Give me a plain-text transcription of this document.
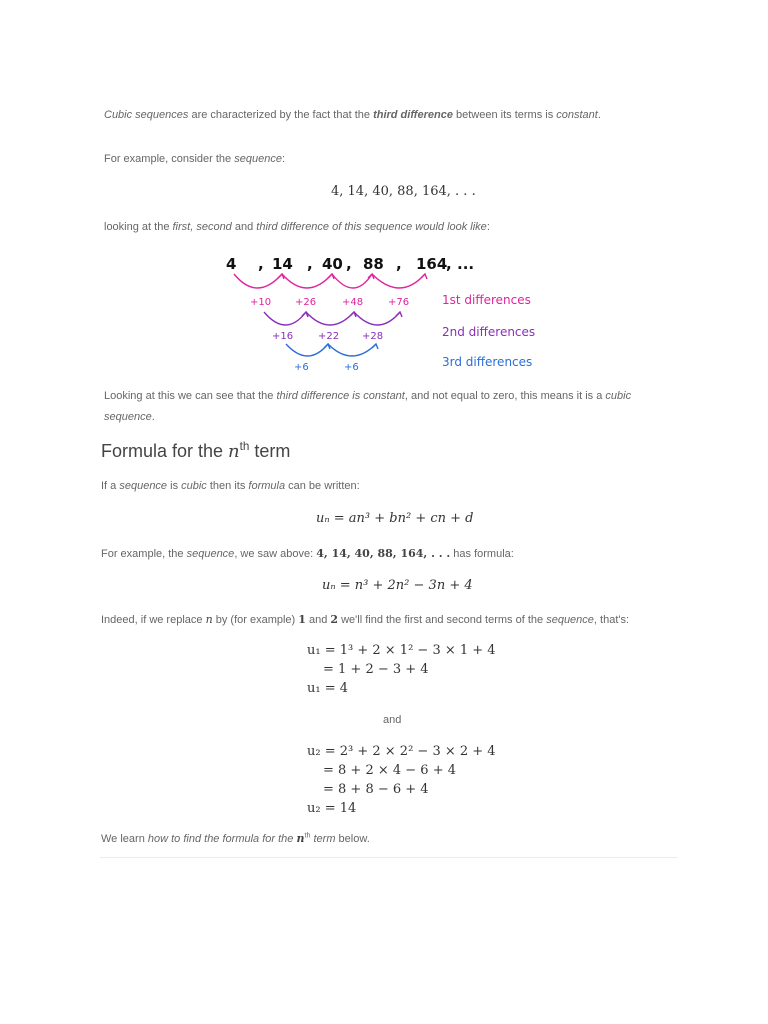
Cubic sequences are characterized by the fact that the third difference between its terms is constant.
For example, consider the sequence:
4, 14, 40, 88, 164, . . .
looking at the first, second and third difference of this sequence would look like:
4 , 14 , 40 , 88 , 164
, ...
+10 +26	+48 +76
+16 +22 +28
+6	+6
1st differences
2nd differences
3rd differences
Looking at this we can see that the third difference is constant, and not equal to zero, this means it is a cubic
sequence.
Formula for the $n^{th}$ term
If a sequence is cubic then its formula can be written:
uₙ = an³ + bn² + cn + d
For example, the sequence, we saw above: 4, 14, 40, 88, 164, . . . has formula:
uₙ = n³ + 2n² − 3n + 4
Indeed, if we replace n by (for example) 1 and 2 we'll find the first and second terms of the sequence, that's:
u₁ = 1³ + 2 × 1² − 3 × 1 + 4
= 1 + 2 − 3 + 4
u₁ = 4
and
u₂ = 2³ + 2 × 2² − 3 × 2 + 4
= 8 + 2 × 4 − 6 + 4
= 8 + 8 − 6 + 4
u₂ = 14
We learn how to find the formula for the $n^{th}$ term below.
